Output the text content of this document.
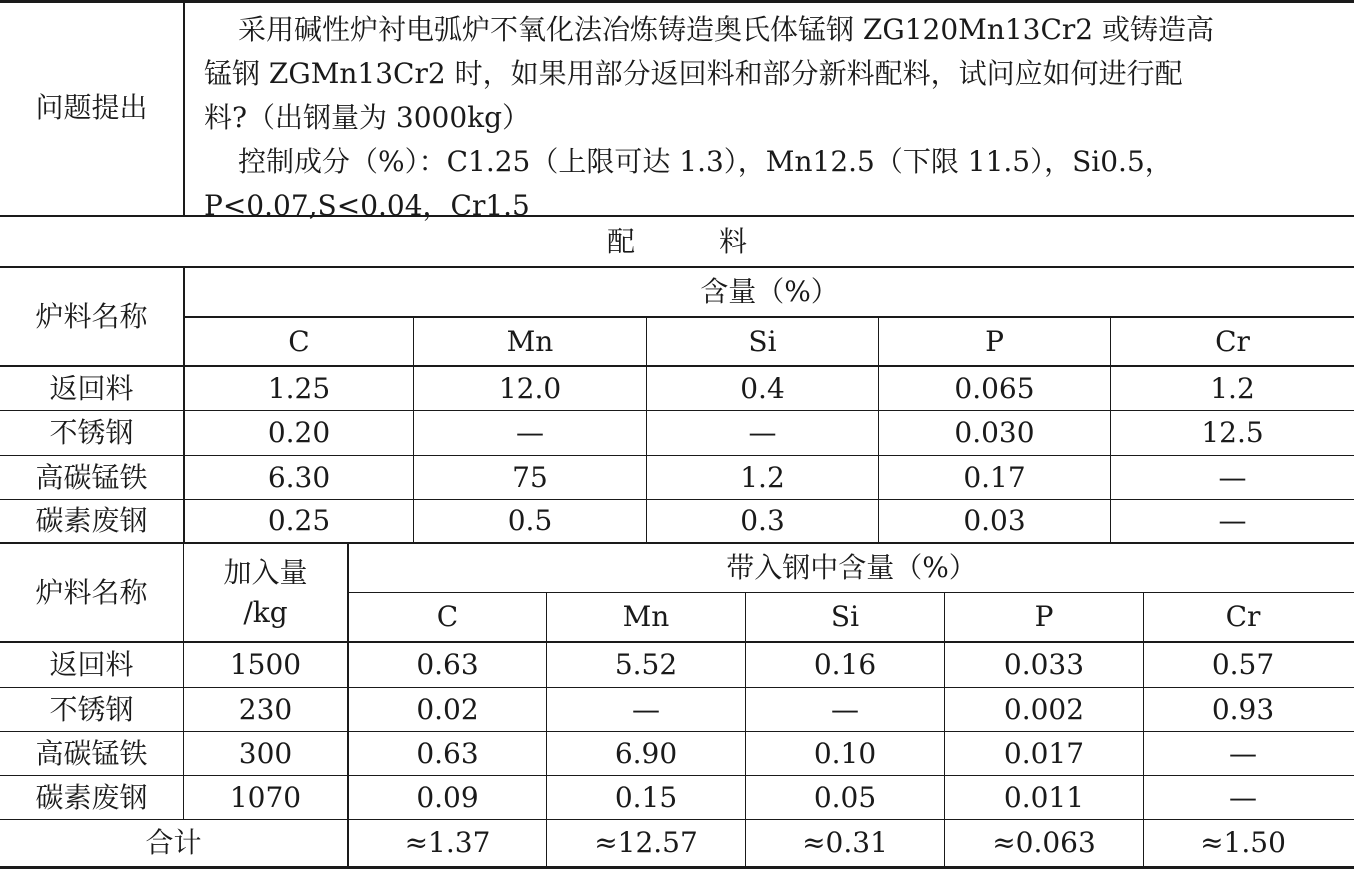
问题提出
采用碱性炉衬电弧炉不氧化法冶炼铸造奥氏体锰钢 ZG120Mn13Cr2 或铸造高
锰钢 ZGMn13Cr2 时，如果用部分返回料和部分新料配料，试问应如何进行配
料?（出钢量为 3000kg）
控制成分（%）：C1.25（上限可达 1.3），Mn12.5（下限 11.5），Si0.5，
P<0.07,S<0.04，Cr1.5
配　　　料
炉料名称
含量（%）
C	Mn	Si	P	Cr
返回料	1.25	12.0	0.4	0.065	1.2
不锈钢	0.20	—	—	0.030	12.5
高碳锰铁	6.30	75	1.2	0.17	—
碳素废钢	0.25	0.5	0.3	0.03	—
炉料名称
加入量
/kg
带入钢中含量（%）
C	Mn	Si	P	Cr
返回料	1500	0.63	5.52	0.16	0.033	0.57
不锈钢	230	0.02	—	—	0.002	0.93
高碳锰铁	300	0.63	6.90	0.10	0.017	—
碳素废钢	1070	0.09	0.15	0.05	0.011	—
合计	≈1.37	≈12.57	≈0.31	≈0.063	≈1.50
